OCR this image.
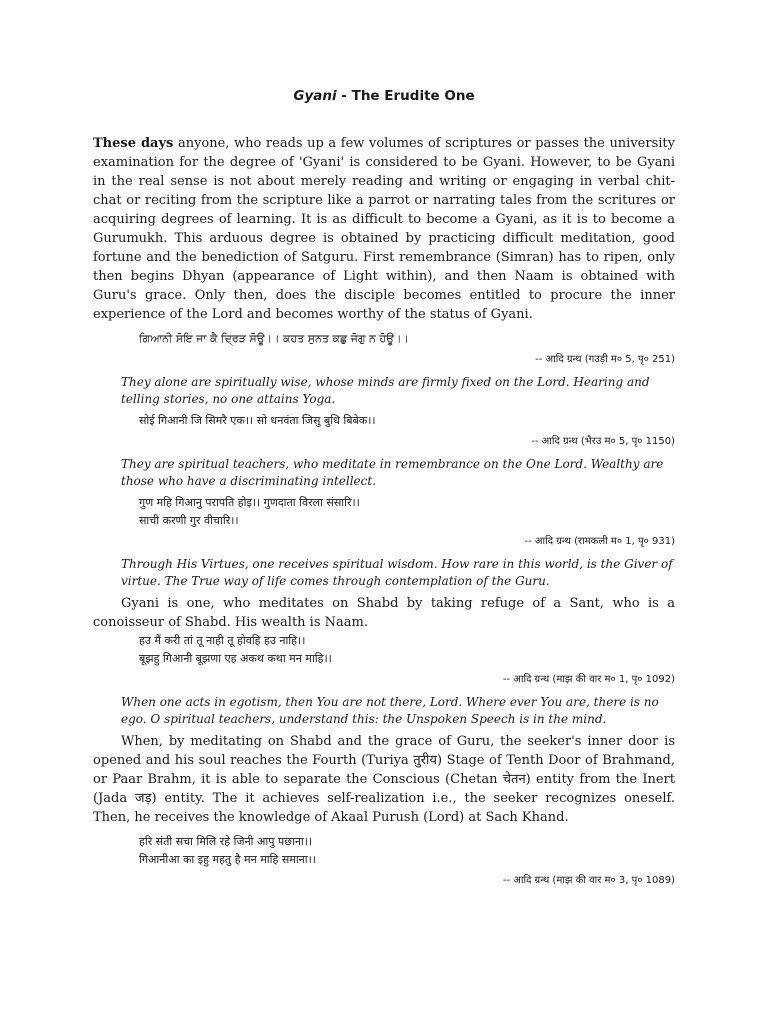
Gyani - The Erudite One

These days anyone, who reads up a few volumes of scriptures or passes the university examination for the degree of 'Gyani' is considered to be Gyani. However, to be Gyani in the real sense is not about merely reading and writing or engaging in verbal chit-chat or reciting from the scripture like a parrot or narrating tales from the scritures or acquiring degrees of learning. It is as difficult to become a Gyani, as it is to become a Gurumukh. This arduous degree is obtained by practicing difficult meditation, good fortune and the benediction of Satguru. First remembrance (Simran) has to ripen, only then begins Dhyan (appearance of Light within), and then Naam is obtained with Guru's grace. Only then, does the disciple becomes entitled to procure the inner experience of the Lord and becomes worthy of the status of Gyani.

ਗਿਆਨੀ ਸੋਇ ਜਾ ਕੈ ਦ੍ਰਿੜ ਸੋਊ।। ਕਹਤ ਸੁਨਤ ਕਛੁ ਜੋਗੁ ਨ ਹੋਊ।।
-- आदि ग्रन्थ (गउड़ी म० 5, पृ० 251)

They alone are spiritually wise, whose minds are firmly fixed on the Lord. Hearing and telling stories, no one attains Yoga.

सोई गिआनी जि सिमरै एक।। सो धनवंता जिसु बुधि बिबेक।।
-- आदि ग्रन्थ (भैरउ म० 5, पृ० 1150)

They are spiritual teachers, who meditate in remembrance on the One Lord. Wealthy are those who have a discriminating intellect.

गुण महि गिआनु परापति होइ।। गुणदाता विरला संसारि।।
साची करणी गुर वीचारि।।
-- आदि ग्रन्थ (रामकली म० 1, पृ० 931)

Through His Virtues, one receives spiritual wisdom. How rare in this world, is the Giver of virtue. The True way of life comes through contemplation of the Guru.

Gyani is one, who meditates on Shabd by taking refuge of a Sant, who is a conoisseur of Shabd. His wealth is Naam.

हउ मैं करी तां तू नाही तू होवहि हउ नाहि।।
बूझहु गिआनी बूझणा एह अकथ कथा मन माहि।।
-- आदि ग्रन्थ (माझ की वार म० 1, पृ० 1092)

When one acts in egotism, then You are not there, Lord. Where ever You are, there is no ego. O spiritual teachers, understand this: the Unspoken Speech is in the mind.

When, by meditating on Shabd and the grace of Guru, the seeker's inner door is opened and his soul reaches the Fourth (Turiya तुरीय) Stage of Tenth Door of Brahmand, or Paar Brahm, it is able to separate the Conscious (Chetan चेतन) entity from the Inert (Jada जड़) entity. The it achieves self-realization i.e., the seeker recognizes oneself. Then, he receives the knowledge of Akaal Purush (Lord) at Sach Khand.

हरि संती सचा मिलि रहे जिनी आपु पछाना।।
गिआनीआ का इहु महतु है मन माहि समाना।।
-- आदि ग्रन्थ (माझ की वार म० 3, पृ० 1089)
